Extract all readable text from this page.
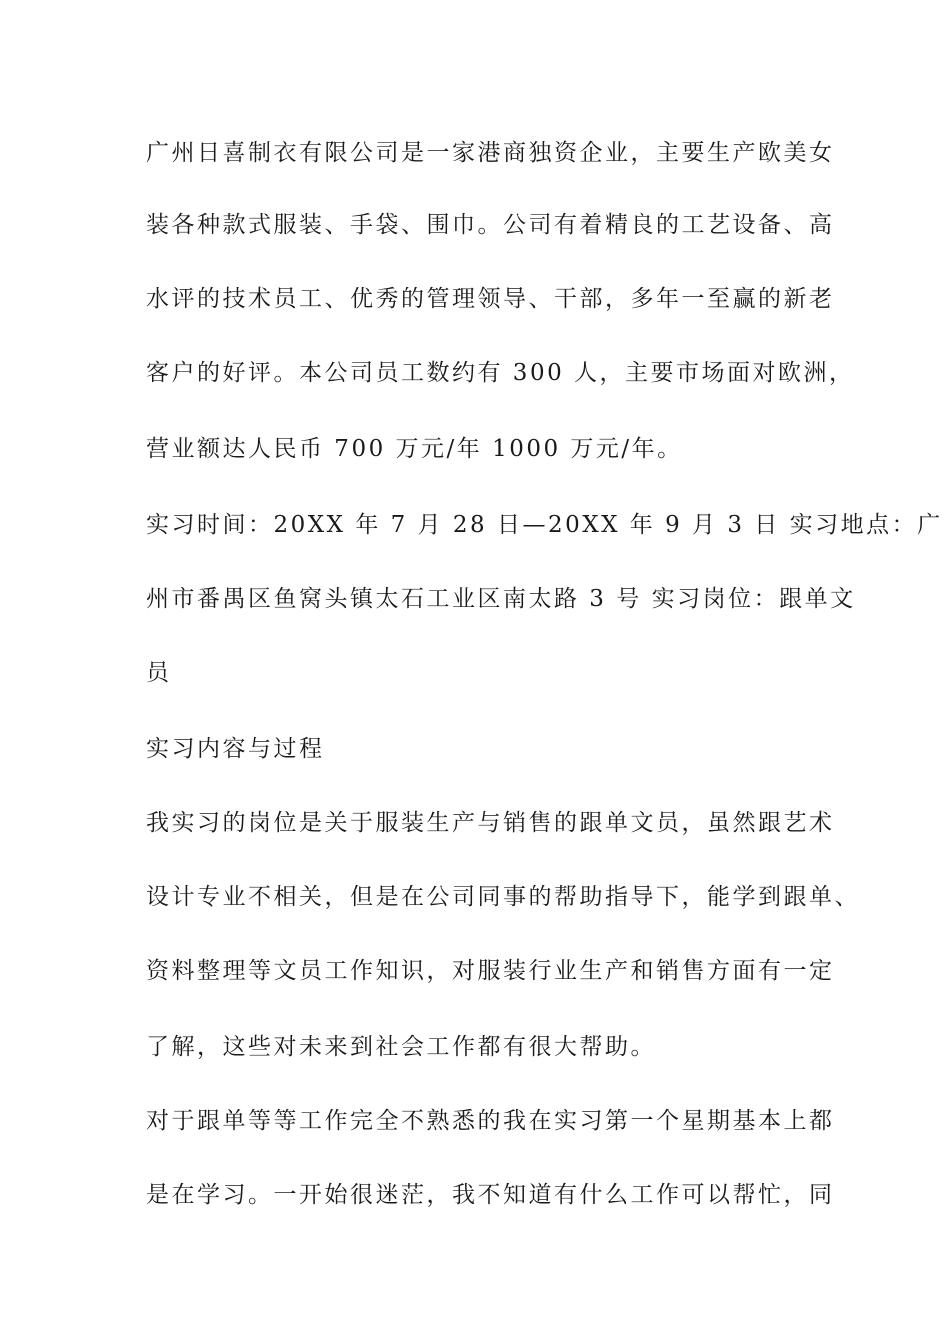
广州日喜制衣有限公司是一家港商独资企业，主要生产欧美女
装各种款式服装、手袋、围巾。公司有着精良的工艺设备、高
水评的技术员工、优秀的管理领导、干部，多年一至赢的新老
客户的好评。本公司员工数约有 300 人，主要市场面对欧洲，
营业额达人民币 700 万元/年 1000 万元/年。
实习时间：20XX 年 7 月 28 日—20XX 年 9 月 3 日 实习地点：广
州市番禺区鱼窝头镇太石工业区南太路 3 号 实习岗位：跟单文
员
实习内容与过程
我实习的岗位是关于服装生产与销售的跟单文员，虽然跟艺术
设计专业不相关，但是在公司同事的帮助指导下，能学到跟单、
资料整理等文员工作知识，对服装行业生产和销售方面有一定
了解，这些对未来到社会工作都有很大帮助。
对于跟单等等工作完全不熟悉的我在实习第一个星期基本上都
是在学习。一开始很迷茫，我不知道有什么工作可以帮忙，同
